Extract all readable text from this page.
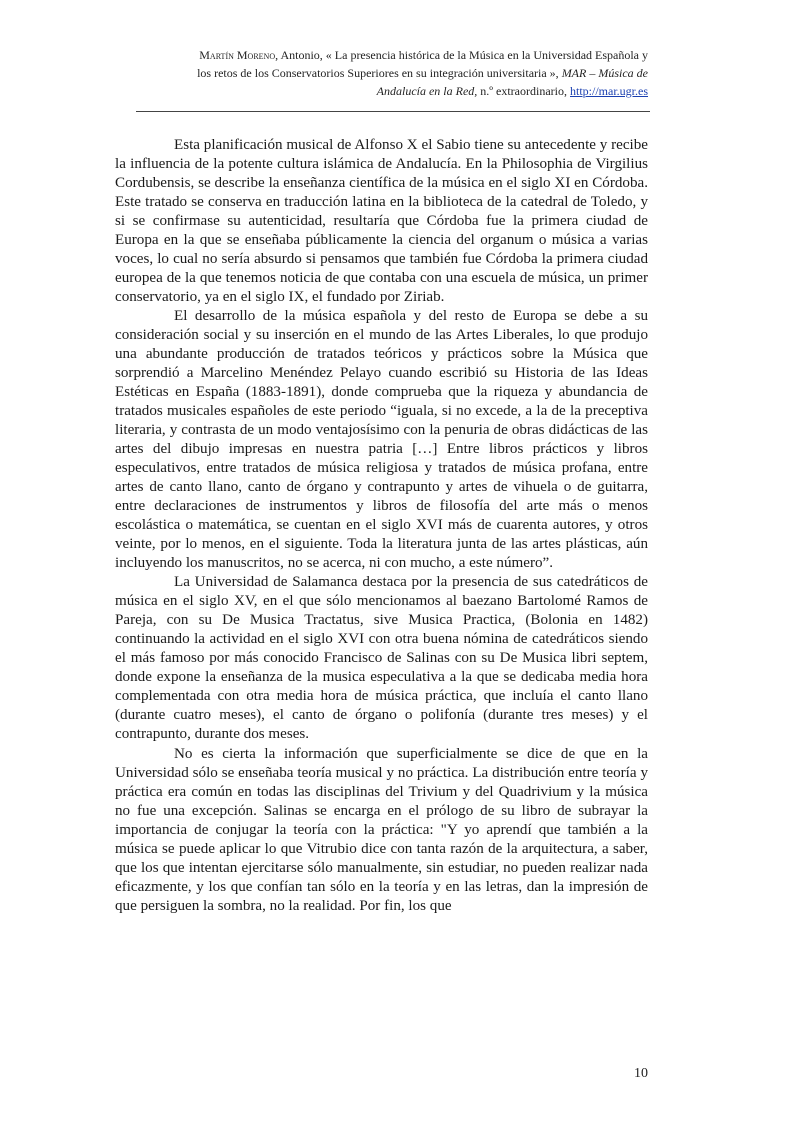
Martín Moreno, Antonio, « La presencia histórica de la Música en la Universidad Española y
los retos de los Conservatorios Superiores en su integración universitaria », MAR – Música de
Andalucía en la Red, n.º extraordinario, http://mar.ugr.es

Esta planificación musical de Alfonso X el Sabio tiene su antecedente y recibe la influencia de la potente cultura islámica de Andalucía. En la Philosophia de Virgilius Cordubensis, se describe la enseñanza científica de la música en el siglo XI en Córdoba. Este tratado se conserva en traducción latina en la biblioteca de la catedral de Toledo, y si se confirmase su autenticidad, resultaría que Córdoba fue la primera ciudad de Europa en la que se enseñaba públicamente la ciencia del organum o música a varias voces, lo cual no sería absurdo si pensamos que también fue Córdoba la primera ciudad europea de la que tenemos noticia de que contaba con una escuela de música, un primer conservatorio, ya en el siglo IX, el fundado por Ziriab.

El desarrollo de la música española y del resto de Europa se debe a su consideración social y su inserción en el mundo de las Artes Liberales, lo que produjo una abundante producción de tratados teóricos y prácticos sobre la Música que sorprendió a Marcelino Menéndez Pelayo cuando escribió su Historia de las Ideas Estéticas en España (1883-1891), donde comprueba que la riqueza y abundancia de tratados musicales españoles de este periodo “iguala, si no excede, a la de la preceptiva literaria, y contrasta de un modo ventajosísimo con la penuria de obras didácticas de las artes del dibujo impresas en nuestra patria […] Entre libros prácticos y libros especulativos, entre tratados de música religiosa y tratados de música profana, entre artes de canto llano, canto de órgano y contrapunto y artes de vihuela o de guitarra, entre declaraciones de instrumentos y libros de filosofía del arte más o menos escolástica o matemática, se cuentan en el siglo XVI más de cuarenta autores, y otros veinte, por lo menos, en el siguiente. Toda la literatura junta de las artes plásticas, aún incluyendo los manuscritos, no se acerca, ni con mucho, a este número”.

La Universidad de Salamanca destaca por la presencia de sus catedráticos de música en el siglo XV, en el que sólo mencionamos al baezano Bartolomé Ramos de Pareja, con su De Musica Tractatus, sive Musica Practica, (Bolonia en 1482) continuando la actividad en el siglo XVI con otra buena nómina de catedráticos siendo el más famoso por más conocido Francisco de Salinas con su De Musica libri septem, donde expone la enseñanza de la musica especulativa a la que se dedicaba media hora complementada con otra media hora de música práctica, que incluía el canto llano (durante cuatro meses), el canto de órgano o polifonía (durante tres meses) y el contrapunto, durante dos meses.

No es cierta la información que superficialmente se dice de que en la Universidad sólo se enseñaba teoría musical y no práctica. La distribución entre teoría y práctica era común en todas las disciplinas del Trivium y del Quadrivium y la música no fue una excepción. Salinas se encarga en el prólogo de su libro de subrayar la importancia de conjugar la teoría con la práctica: "Y yo aprendí que también a la música se puede aplicar lo que Vitrubio dice con tanta razón de la arquitectura, a saber, que los que intentan ejercitarse sólo manualmente, sin estudiar, no pueden realizar nada eficazmente, y los que confían tan sólo en la teoría y en las letras, dan la impresión de que persiguen la sombra, no la realidad. Por fin, los que

10
